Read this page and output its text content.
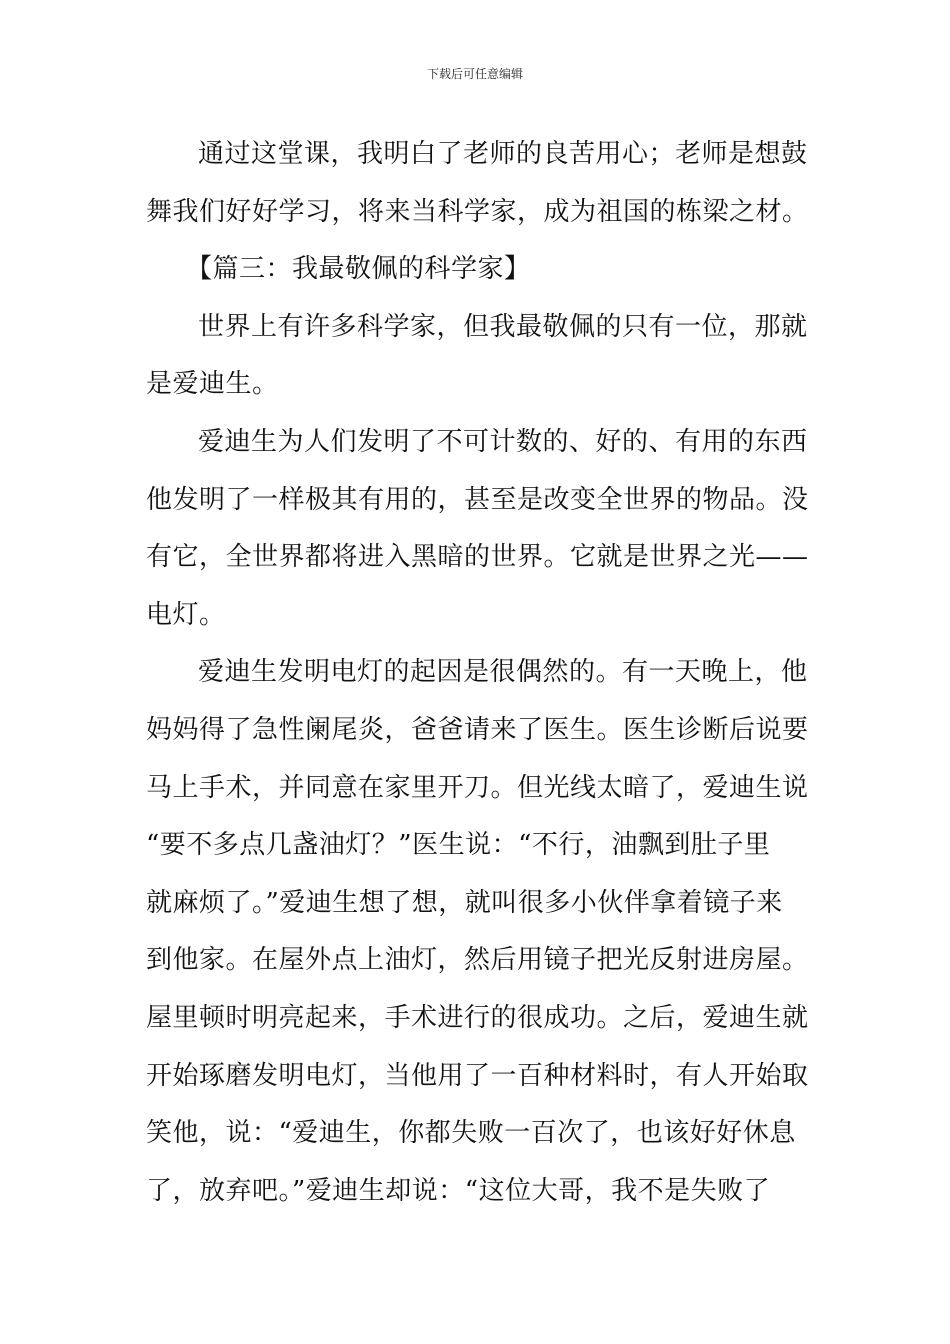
下载后可任意编辑
通过这堂课，我明白了老师的良苦用心；老师是想鼓
舞我们好好学习，将来当科学家，成为祖国的栋梁之材。
【篇三：我最敬佩的科学家】
世界上有许多科学家，但我最敬佩的只有一位，那就
是爱迪生。
爱迪生为人们发明了不可计数的、好的、有用的东西
他发明了一样极其有用的，甚至是改变全世界的物品。没
有它，全世界都将进入黑暗的世界。它就是世界之光——
电灯。
爱迪生发明电灯的起因是很偶然的。有一天晚上，他
妈妈得了急性阑尾炎，爸爸请来了医生。医生诊断后说要
马上手术，并同意在家里开刀。但光线太暗了，爱迪生说
“要不多点几盏油灯？”医生说：“不行，油飘到肚子里
就麻烦了。”爱迪生想了想，就叫很多小伙伴拿着镜子来
到他家。在屋外点上油灯，然后用镜子把光反射进房屋。
屋里顿时明亮起来，手术进行的很成功。之后，爱迪生就
开始琢磨发明电灯，当他用了一百种材料时，有人开始取
笑他，说：“爱迪生，你都失败一百次了，也该好好休息
了，放弃吧。”爱迪生却说：“这位大哥，我不是失败了
